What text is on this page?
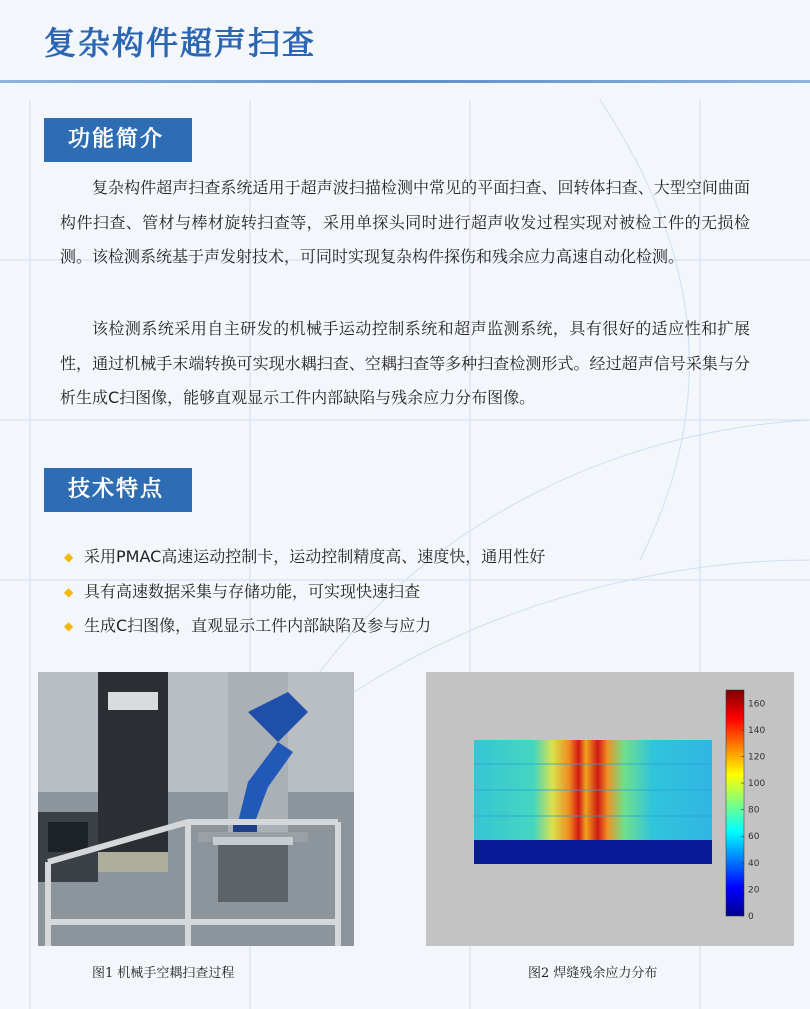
复杂构件超声扫查
功能简介

复杂构件超声扫查系统适用于超声波扫描检测中常见的平面扫查、回转体扫查、大型空间曲面构件扫查、管材与棒材旋转扫查等，采用单探头同时进行超声收发过程实现对被检工件的无损检测。该检测系统基于声发射技术，可同时实现复杂构件探伤和残余应力高速自动化检测。

该检测系统采用自主研发的机械手运动控制系统和超声监测系统，具有很好的适应性和扩展性，通过机械手末端转换可实现水耦扫查、空耦扫查等多种扫查检测形式。经过超声信号采集与分析生成C扫图像，能够直观显示工件内部缺陷与残余应力分布图像。

技术特点
◆ 采用PMAC高速运动控制卡，运动控制精度高、速度快，通用性好
◆ 具有高速数据采集与存储功能，可实现快速扫查
◆ 生成C扫图像，直观显示工件内部缺陷及参与应力
0
20
40
60
80
100
120
140
160
图1 机械手空耦扫查过程	图2 焊缝残余应力分布
